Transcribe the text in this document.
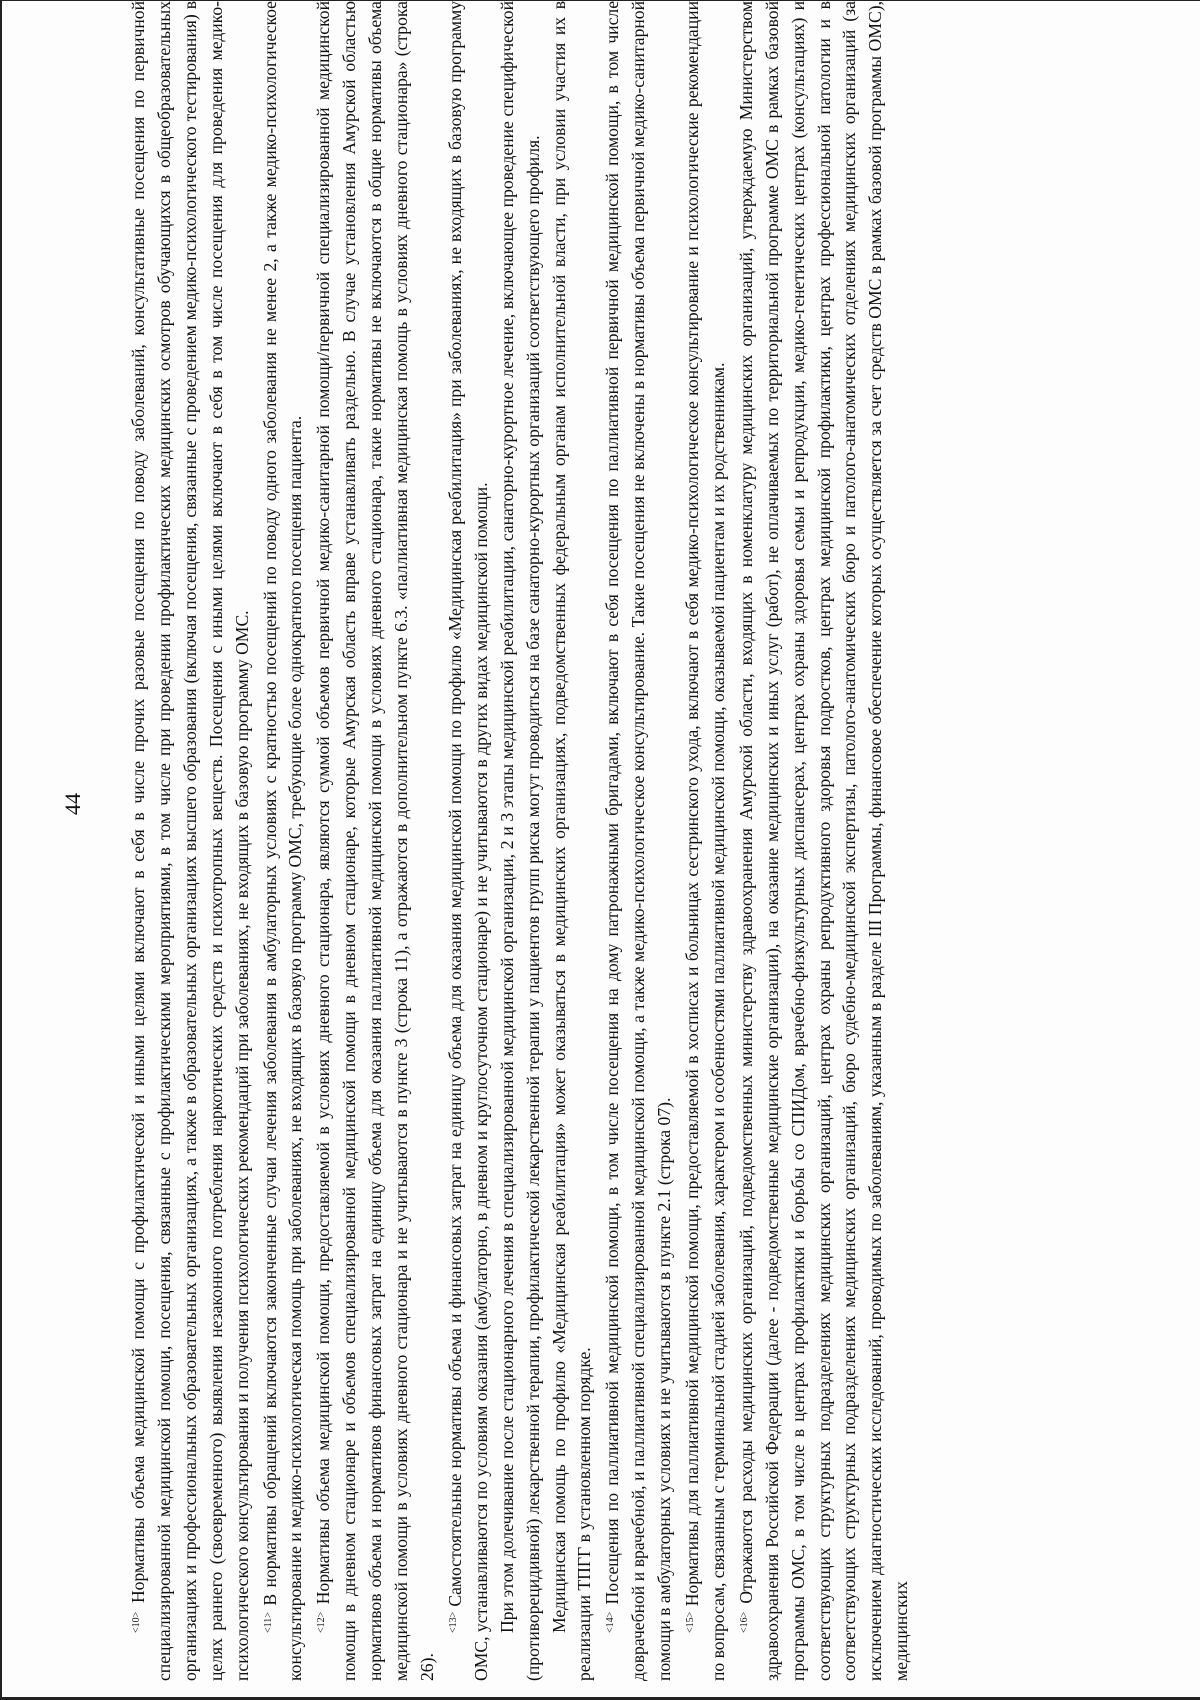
44

$^{<10>}$ Нормативы объема медицинской помощи с профилактической и иными целями включают в себя в числе прочих разовые посещения по поводу заболеваний, консультативные посещения по первичной специализированной медицинской помощи, посещения, связанные с профилактическими мероприятиями, в том числе при проведении профилактических медицинских осмотров обучающихся в общеобразовательных организациях и профессиональных образовательных организациях, а также в образовательных организациях высшего образования (включая посещения, связанные с проведением медико-психологического тестирования) в целях раннего (своевременного) выявления незаконного потребления наркотических средств и психотропных веществ. Посещения с иными целями включают в себя в том числе посещения для проведения медико-психологического консультирования и получения психологических рекомендаций при заболеваниях, не входящих в базовую программу ОМС.	$^{<11>}$ В нормативы обращений включаются законченные случаи лечения заболевания в амбулаторных условиях с кратностью посещений по поводу одного заболевания не менее 2, а также медико-психологическое консультирование и медико-психологическая помощь при заболеваниях, не входящих в базовую программу ОМС, требующие более однократного посещения пациента.	$^{<12>}$ Нормативы объема медицинской помощи, предоставляемой в условиях дневного стационара, являются суммой объемов первичной медико-санитарной помощи/первичной специализированной медицинской помощи в дневном стационаре и объемов специализированной медицинской помощи в дневном стационаре, которые Амурская область вправе устанавливать раздельно. В случае установления Амурской областью нормативов объема и нормативов финансовых затрат на единицу объема для оказания паллиативной медицинской помощи в условиях дневного стационара, такие нормативы не включаются в общие нормативы объема медицинской помощи в условиях дневного стационара и не учитываются в пункте 3 (строка 11), а отражаются в дополнительном пункте 6.3. «паллиативная медицинская помощь в условиях дневного стационара» (строка 26).

$^{<13>}$ Самостоятельные нормативы объема и финансовых затрат на единицу объема для оказания медицинской помощи по профилю «Медицинская реабилитация» при заболеваниях, не входящих в базовую программу ОМС, устанавливаются по условиям оказания (амбулаторно, в дневном и круглосуточном стационаре) и не учитываются в других видах медицинской помощи. При этом долечивание после стационарного лечения в специализированной медицинской организации, 2 и 3 этапы медицинской реабилитации, санаторно-курортное лечение, включающее проведение специфической (противорецидивной) лекарственной терапии, профилактической лекарственной терапии у пациентов групп риска могут проводиться на базе санаторно-курортных организаций соответствующего профиля. Медицинская помощь по профилю «Медицинская реабилитация» может оказываться в медицинских организациях, подведомственных федеральным органам исполнительной власти, при условии участия их в реализации ТПГГ в установленном порядке.	$^{<14>}$ Посещения по паллиативной медицинской помощи, в том числе посещения на дому патронажными бригадами, включают в себя посещения по паллиативной первичной медицинской помощи, в том числе доврачебной и врачебной, и паллиативной специализированной медицинской помощи, а также медико-психологическое консультирование. Такие посещения не включены в нормативы объема первичной медико-санитарной помощи в амбулаторных условиях и не учитываются в пункте 2.1 (строка 07).	$^{<15>}$ Нормативы для паллиативной медицинской помощи, предоставляемой в хосписах и больницах сестринского ухода, включают в себя медико-психологическое консультирование и психологические рекомендации по вопросам, связанным с терминальной стадией заболевания, характером и особенностями паллиативной медицинской помощи, оказываемой пациентам и их родственникам.	$^{<16>}$ Отражаются расходы медицинских организаций, подведомственных министерству здравоохранения Амурской области, входящих в номенклатуру медицинских организаций, утверждаемую Министерством здравоохранения Российской Федерации (далее - подведомственные медицинские организации), на оказание медицинских и иных услуг (работ), не оплачиваемых по территориальной программе ОМС в рамках базовой программы ОМС, в том числе в центрах профилактики и борьбы со СПИДом, врачебно-физкультурных диспансерах, центрах охраны здоровья семьи и репродукции, медико-генетических центрах (консультациях) и соответствующих структурных подразделениях медицинских организаций, центрах охраны репродуктивного здоровья подростков, центрах медицинской профилактики, центрах профессиональной патологии и в соответствующих структурных подразделениях медицинских организаций, бюро судебно-медицинской экспертизы, патолого-анатомических бюро и патолого-анатомических отделениях медицинских организаций (за исключением диагностических исследований, проводимых по заболеваниям, указанным в разделе III Программы, финансовое обеспечение которых осуществляется за счет средств ОМС в рамках базовой программы ОМС), медицинских
